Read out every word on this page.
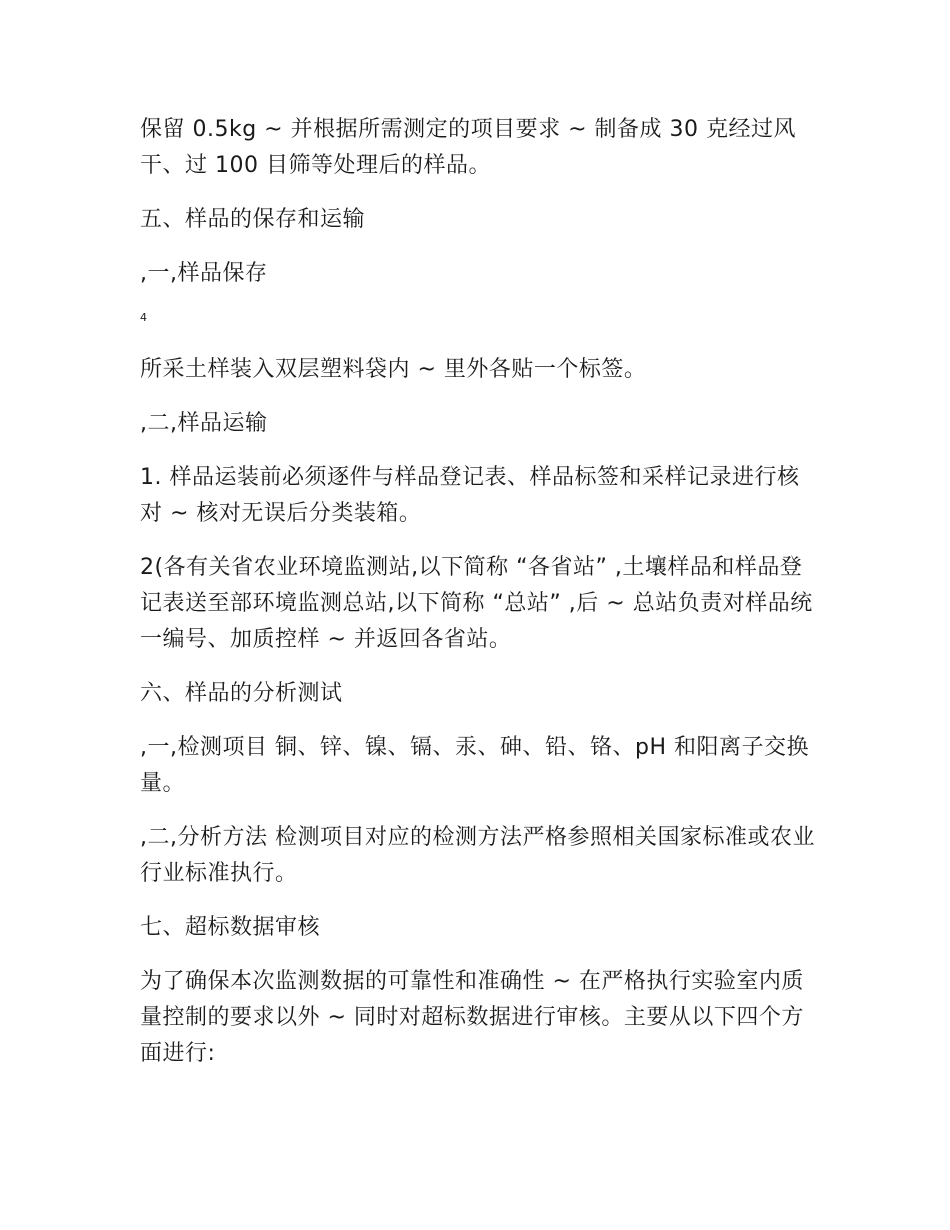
保留 0.5kg ~ 并根据所需测定的项目要求 ~ 制备成 30 克经过风干、过 100 目筛等处理后的样品。

五、样品的保存和运输

,一,样品保存

4

所采土样装入双层塑料袋内 ~ 里外各贴一个标签。

,二,样品运输

1. 样品运装前必须逐件与样品登记表、样品标签和采样记录进行核对 ~ 核对无误后分类装箱。

2(各有关省农业环境监测站,以下简称 “各省站” ,土壤样品和样品登记表送至部环境监测总站,以下简称 “总站” ,后 ~ 总站负责对样品统一编号、加质控样 ~ 并返回各省站。

六、样品的分析测试

,一,检测项目 铜、锌、镍、镉、汞、砷、铅、铬、pH 和阳离子交换量。

,二,分析方法 检测项目对应的检测方法严格参照相关国家标准或农业行业标准执行。

七、超标数据审核

为了确保本次监测数据的可靠性和准确性 ~ 在严格执行实验室内质量控制的要求以外 ~ 同时对超标数据进行审核。主要从以下四个方面进行:
